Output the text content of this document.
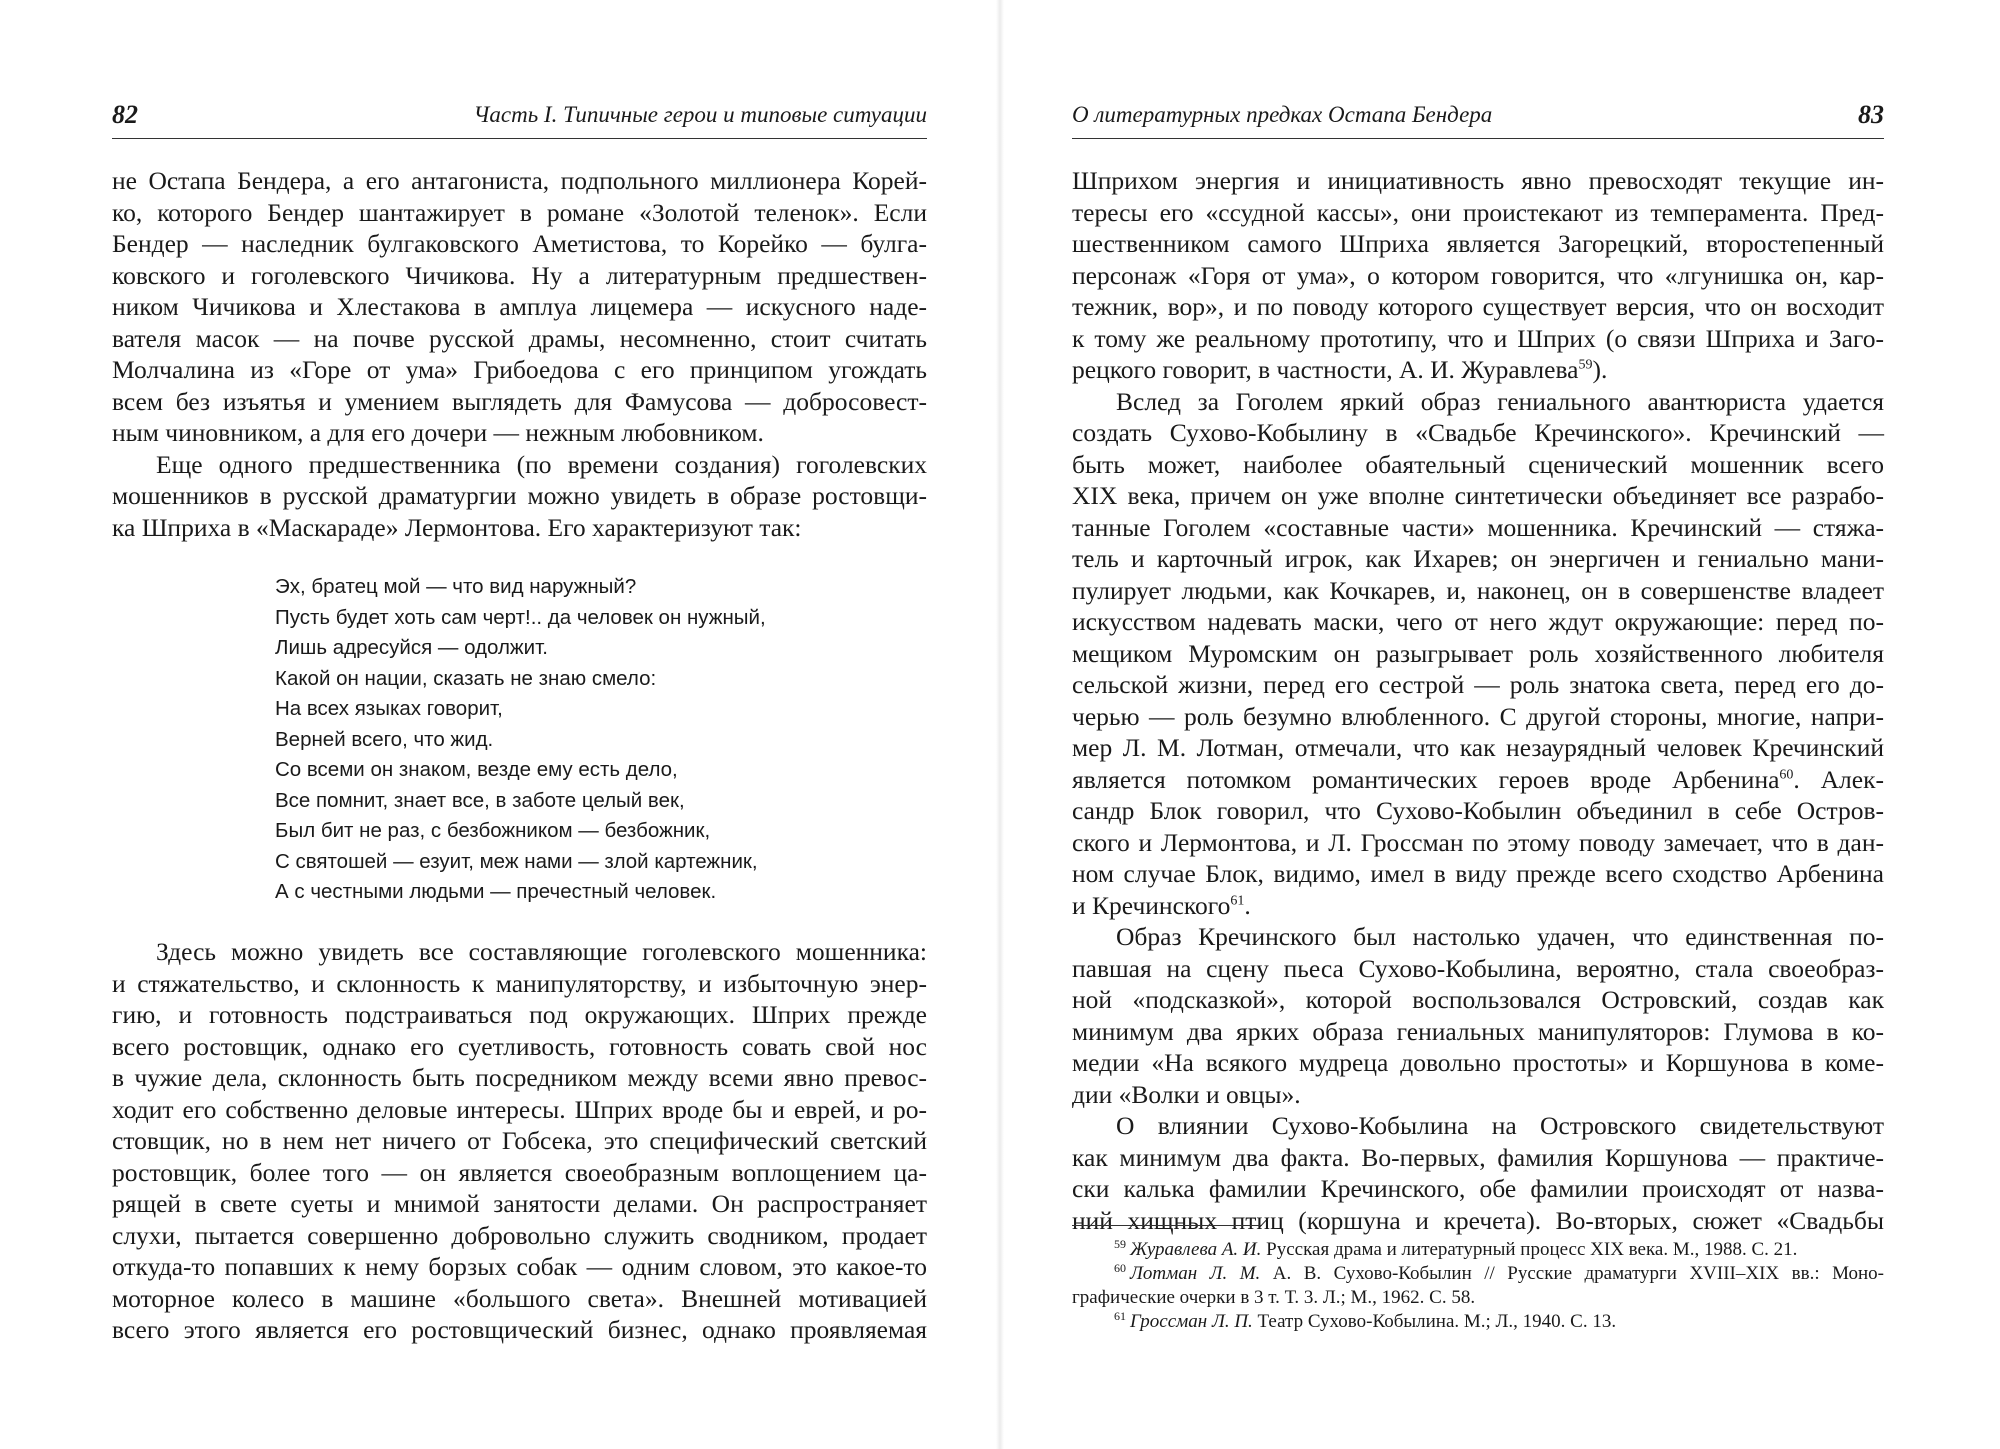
82	Часть I. Типичные герои и типовые ситуации
не Остапа Бендера, а его антагониста, подпольного миллионера Корей-
ко, которого Бендер шантажирует в романе «Золотой теленок». Если
Бендер — наследник булгаковского Аметистова, то Корейко — булга-
ковского и гоголевского Чичикова. Ну а литературным предшествен-
ником Чичикова и Хлестакова в амплуа лицемера — искусного наде-
вателя масок — на почве русской драмы, несомненно, стоит считать
Молчалина из «Горе от ума» Грибоедова с его принципом угождать
всем без изъятья и умением выглядеть для Фамусова — добросовест-
ным чиновником, а для его дочери — нежным любовником.
Еще одного предшественника (по времени создания) гоголевских
мошенников в русской драматургии можно увидеть в образе ростовщи-
ка Шприха в «Маскараде» Лермонтова. Его характеризуют так:
Эх, братец мой — что вид наружный?
Пусть будет хоть сам черт!.. да человек он нужный,
Лишь адресуйся — одолжит.
Какой он нации, сказать не знаю смело:
На всех языках говорит,
Верней всего, что жид.
Со всеми он знаком, везде ему есть дело,
Все помнит, знает все, в заботе целый век,
Был бит не раз, с безбожником — безбожник,
С святошей — езуит, меж нами — злой картежник,
А с честными людьми — пречестный человек.
Здесь можно увидеть все составляющие гоголевского мошенника:
и стяжательство, и склонность к манипуляторству, и избыточную энер-
гию, и готовность подстраиваться под окружающих. Шприх прежде
всего ростовщик, однако его суетливость, готовность совать свой нос
в чужие дела, склонность быть посредником между всеми явно превос-
ходит его собственно деловые интересы. Шприх вроде бы и еврей, и ро-
стовщик, но в нем нет ничего от Гобсека, это специфический светский
ростовщик, более того — он является своеобразным воплощением ца-
рящей в свете суеты и мнимой занятости делами. Он распространяет
слухи, пытается совершенно добровольно служить сводником, продает
откуда-то попавших к нему борзых собак — одним словом, это какое-то
моторное колесо в машине «большого света». Внешней мотивацией
всего этого является его ростовщический бизнес, однако проявляемая
О литературных предках Остапа Бендера	83
Шприхом энергия и инициативность явно превосходят текущие ин-
тересы его «ссудной кассы», они проистекают из темперамента. Пред-
шественником самого Шприха является Загорецкий, второстепенный
персонаж «Горя от ума», о котором говорится, что «лгунишка он, кар-
тежник, вор», и по поводу которого существует версия, что он восходит
к тому же реальному прототипу, что и Шприх (о связи Шприха и Заго-
рецкого говорит, в частности, А. И. Журавлева$^{59}$).
Вслед за Гоголем яркий образ гениального авантюриста удается
создать Сухово-Кобылину в «Свадьбе Кречинского». Кречинский —
быть может, наиболее обаятельный сценический мошенник всего
XIX века, причем он уже вполне синтетически объединяет все разрабо-
танные Гоголем «составные части» мошенника. Кречинский — стяжа-
тель и карточный игрок, как Ихарев; он энергичен и гениально мани-
пулирует людьми, как Кочкарев, и, наконец, он в совершенстве владеет
искусством надевать маски, чего от него ждут окружающие: перед по-
мещиком Муромским он разыгрывает роль хозяйственного любителя
сельской жизни, перед его сестрой — роль знатока света, перед его до-
черью — роль безумно влюбленного. С другой стороны, многие, напри-
мер Л. М. Лотман, отмечали, что как незаурядный человек Кречинский
является потомком романтических героев вроде Арбенина$^{60}$. Алек-
сандр Блок говорил, что Сухово-Кобылин объединил в себе Остров-
ского и Лермонтова, и Л. Гроссман по этому поводу замечает, что в дан-
ном случае Блок, видимо, имел в виду прежде всего сходство Арбенина
и Кречинского$^{61}$.
Образ Кречинского был настолько удачен, что единственная по-
павшая на сцену пьеса Сухово-Кобылина, вероятно, стала своеобраз-
ной «подсказкой», которой воспользовался Островский, создав как
минимум два ярких образа гениальных манипуляторов: Глумова в ко-
медии «На всякого мудреца довольно простоты» и Коршунова в коме-
дии «Волки и овцы».
О влиянии Сухово-Кобылина на Островского свидетельствуют
как минимум два факта. Во-первых, фамилия Коршунова — практиче-
ски калька фамилии Кречинского, обе фамилии происходят от назва-
ний хищных птиц (коршуна и кречета). Во-вторых, сюжет «Свадьбы
$^{59}$ Журавлева А. И. Русская драма и литературный процесс XIX века. М., 1988. С. 21.
$^{60}$ Лотман Л. М. А. В. Сухово-Кобылин // Русские драматурги XVIII–XIX вв.: Моно-
графические очерки в 3 т. Т. 3. Л.; М., 1962. С. 58.
$^{61}$ Гроссман Л. П. Театр Сухово-Кобылина. М.; Л., 1940. С. 13.
